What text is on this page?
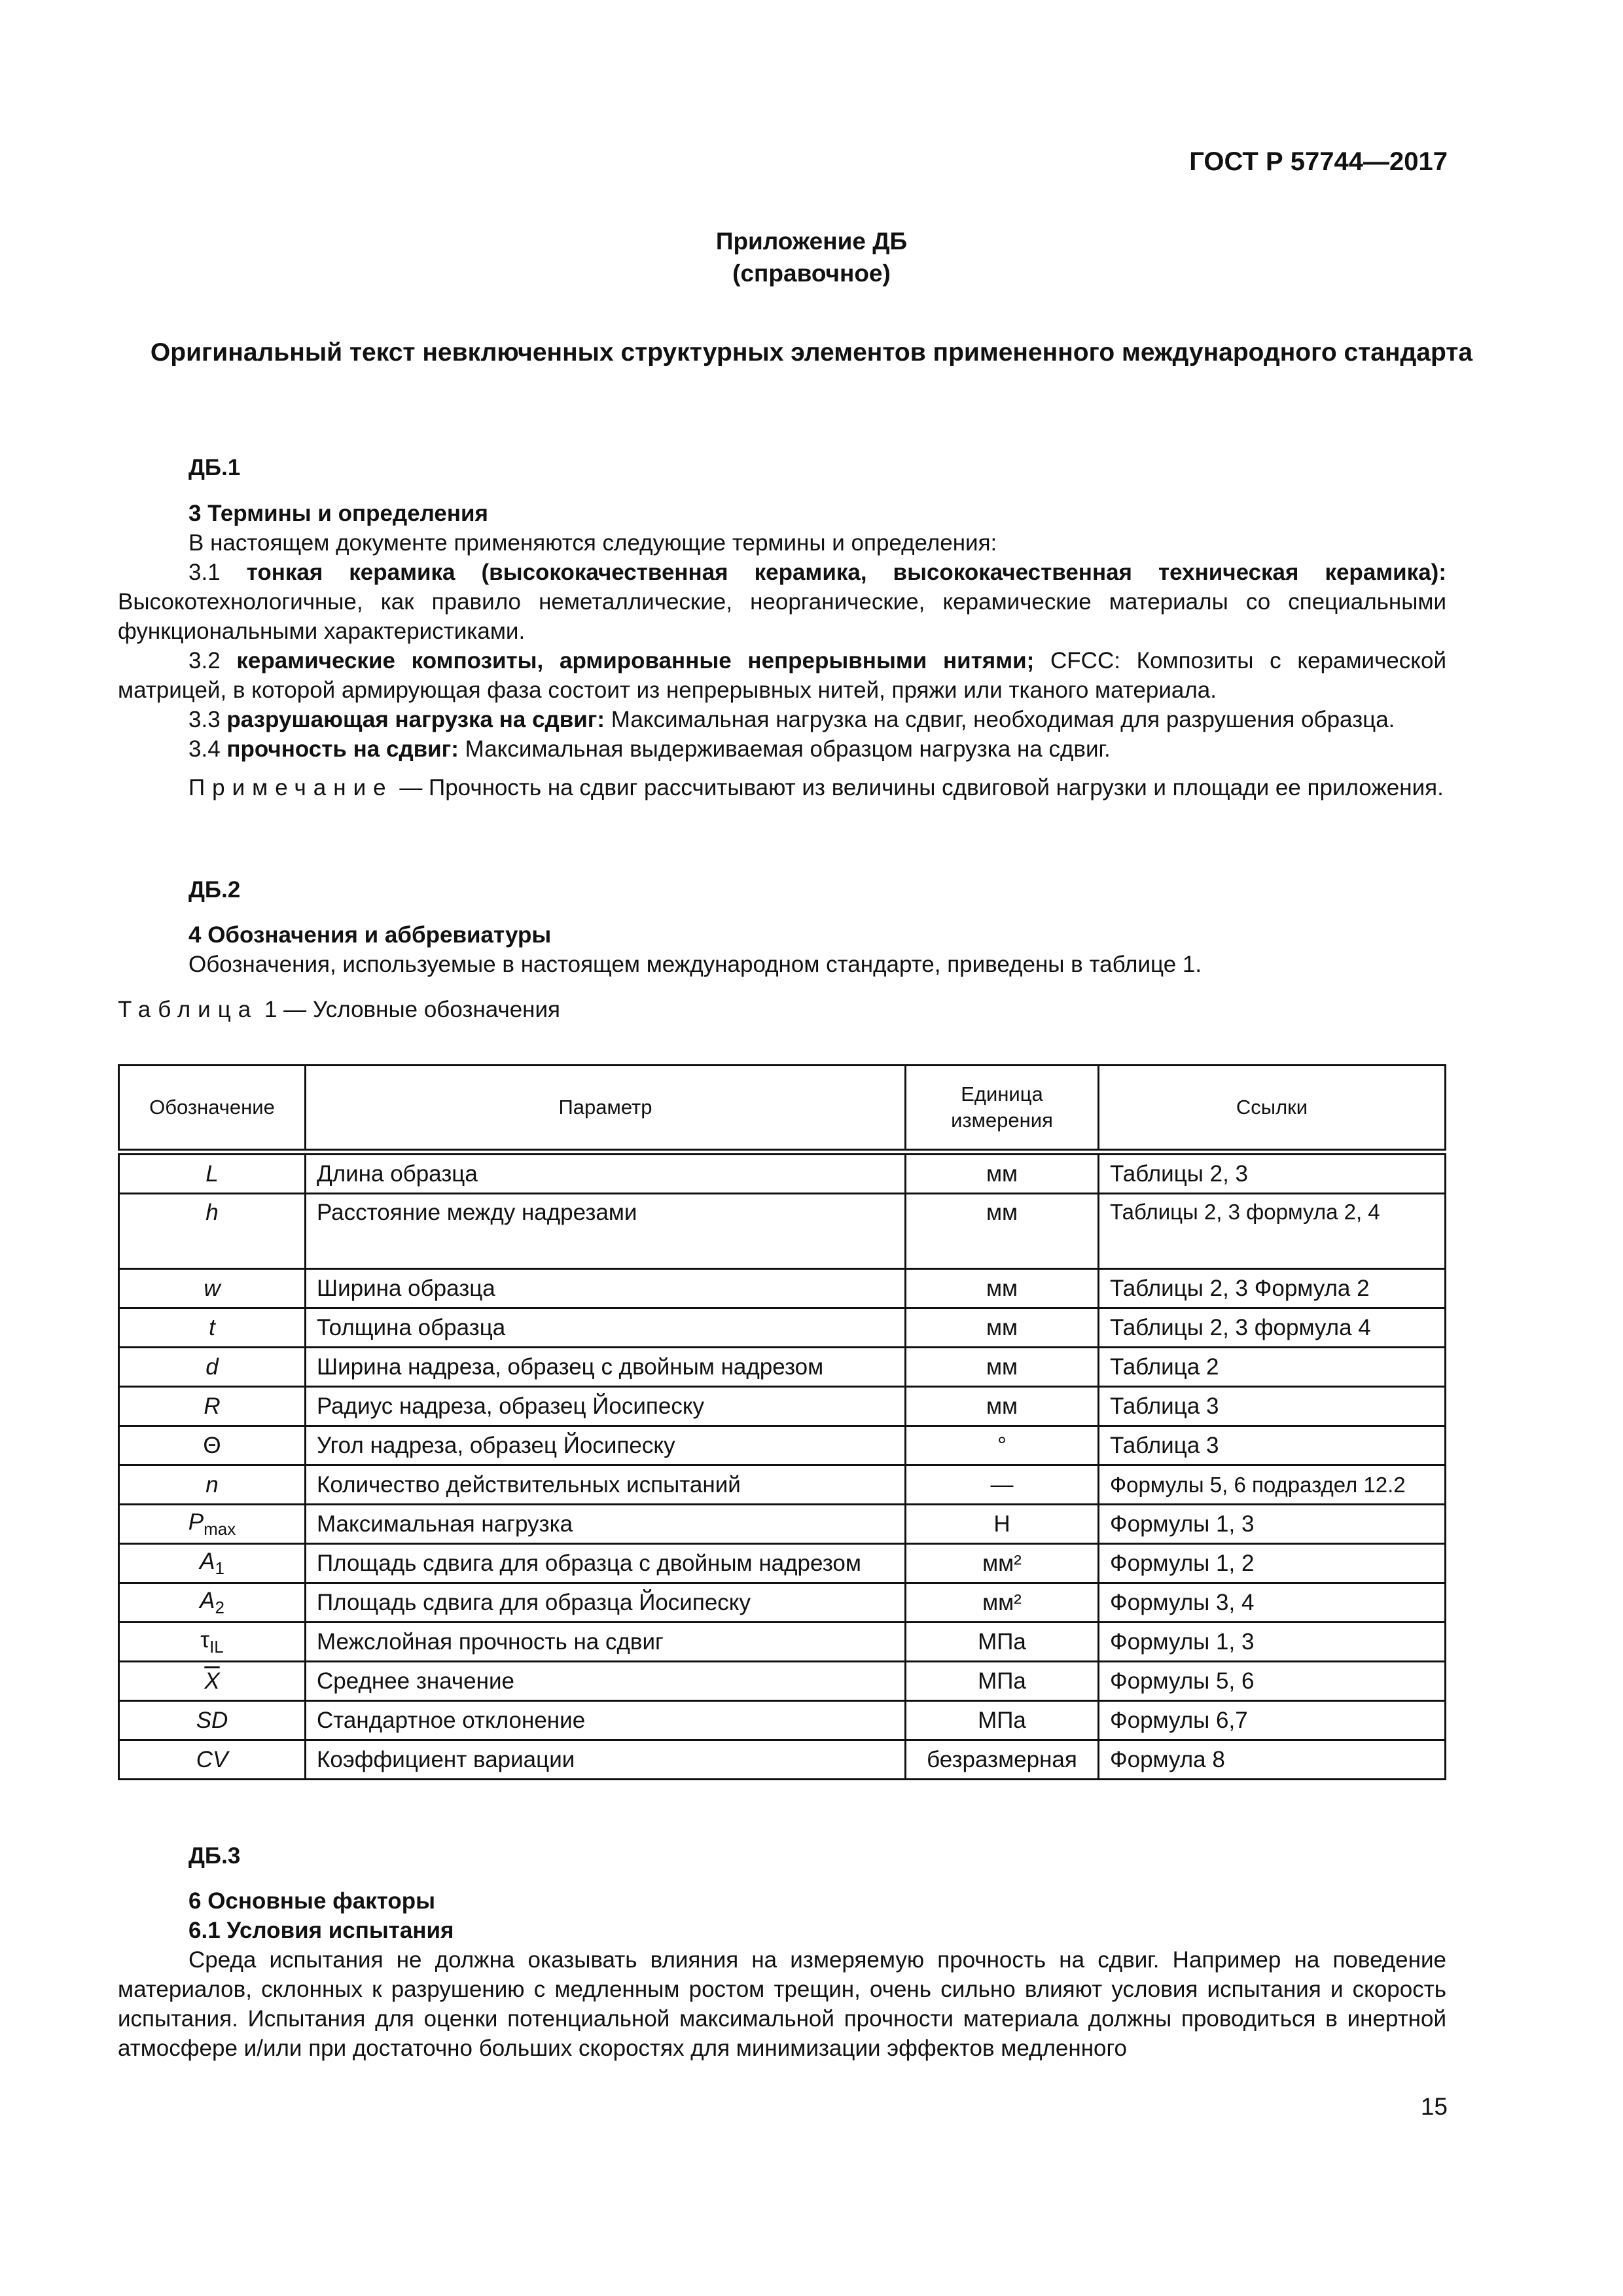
ГОСТ Р 57744—2017
Приложение ДБ
(справочное)
Оригинальный текст невключенных структурных элементов примененного международного стандарта
ДБ.1
3 Термины и определения
В настоящем документе применяются следующие термины и определения:
3.1 тонкая керамика (высококачественная керамика, высококачественная техническая керамика): Высокотехнологичные, как правило неметаллические, неорганические, керамические материалы со специальными функциональными характеристиками.
3.2 керамические композиты, армированные непрерывными нитями; CFCC: Композиты с керамической матрицей, в которой армирующая фаза состоит из непрерывных нитей, пряжи или тканого материала.
3.3 разрушающая нагрузка на сдвиг: Максимальная нагрузка на сдвиг, необходимая для разрушения образца.
3.4 прочность на сдвиг: Максимальная выдерживаемая образцом нагрузка на сдвиг.
Примечание — Прочность на сдвиг рассчитывают из величины сдвиговой нагрузки и площади ее приложения.
ДБ.2
4 Обозначения и аббревиатуры
Обозначения, используемые в настоящем международном стандарте, приведены в таблице 1.
Таблица 1 — Условные обозначения
Обозначение	Параметр	Единица измерения	Ссылки
L	Длина образца	мм	Таблицы 2, 3
h	Расстояние между надрезами	мм	Таблицы 2, 3 формула 2, 4
w	Ширина образца	мм	Таблицы 2, 3 Формула 2
t	Толщина образца	мм	Таблицы 2, 3 формула 4
d	Ширина надреза, образец с двойным надрезом	мм	Таблица 2
R	Радиус надреза, образец Йосипеску	мм	Таблица 3
Θ	Угол надреза, образец Йосипеску	°	Таблица 3
n	Количество действительных испытаний	—	Формулы 5, 6 подраздел 12.2
$P_{max}$	Максимальная нагрузка	Н	Формулы 1, 3
$A_1$	Площадь сдвига для образца с двойным надрезом	мм²	Формулы 1, 2
$A_2$	Площадь сдвига для образца Йосипеску	мм²	Формулы 3, 4
$\tau_{IL}$	Межслойная прочность на сдвиг	МПа	Формулы 1, 3
$\overline{X}$	Среднее значение	МПа	Формулы 5, 6
SD	Стандартное отклонение	МПа	Формулы 6,7
CV	Коэффициент вариации	безразмерная	Формула 8
ДБ.3
6 Основные факторы
6.1 Условия испытания
Среда испытания не должна оказывать влияния на измеряемую прочность на сдвиг. Например на поведение материалов, склонных к разрушению с медленным ростом трещин, очень сильно влияют условия испытания и скорость испытания. Испытания для оценки потенциальной максимальной прочности материала должны проводиться в инертной атмосфере и/или при достаточно больших скоростях для минимизации эффектов медленного
15
